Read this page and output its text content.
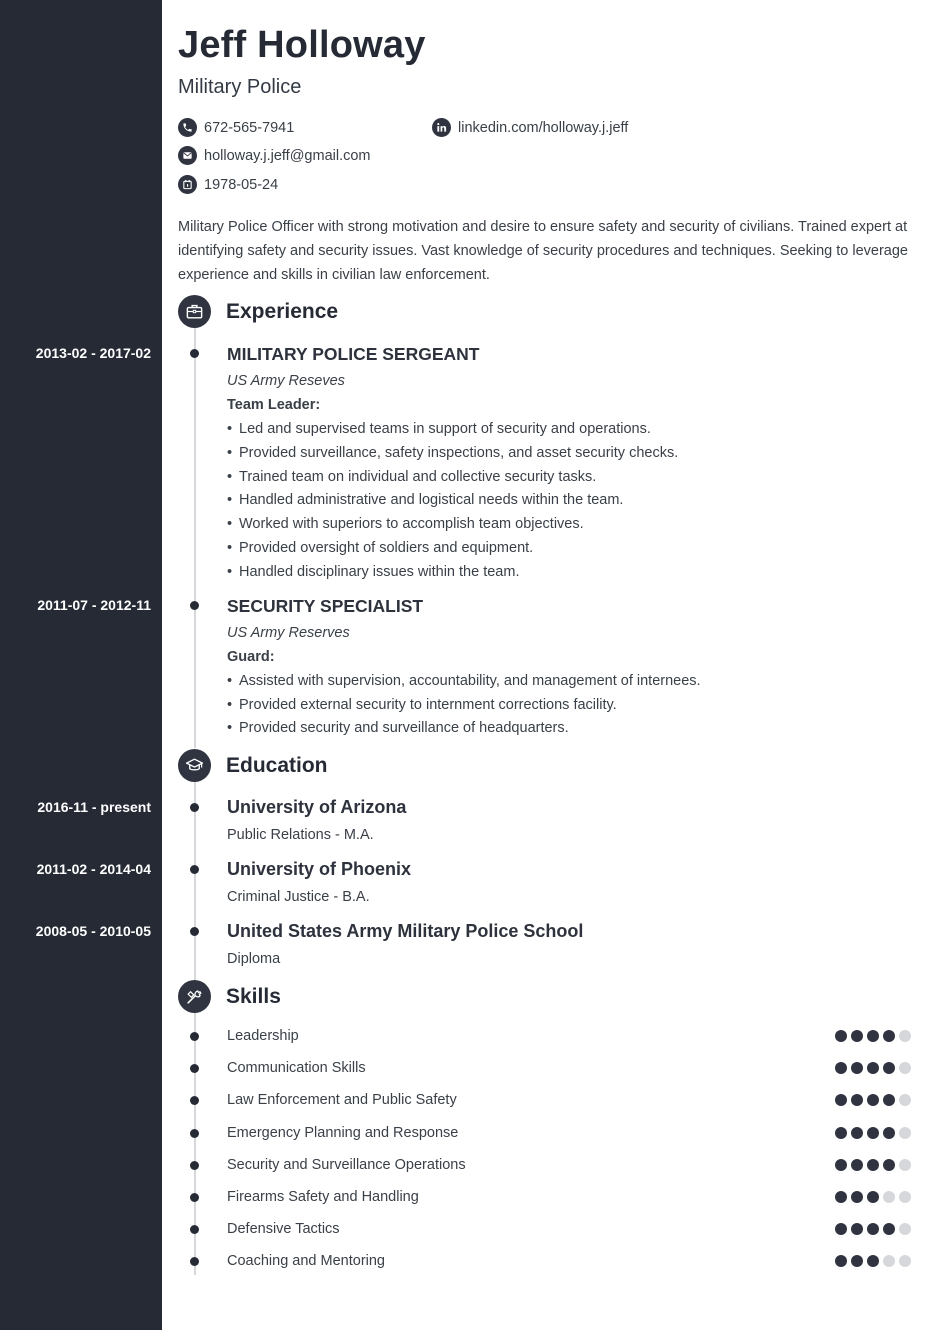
2013-02 - 2017-02
2011-07 - 2012-11
2016-11 - present
2011-02 - 2014-04
2008-05 - 2010-05
Jeff Holloway
Military Police
672-565-7941	linkedin.com/holloway.j.jeff
holloway.j.jeff@gmail.com
1978-05-24
Military Police Officer with strong motivation and desire to ensure safety and security of civilians. Trained expert at identifying safety and security issues. Vast knowledge of security procedures and techniques. Seeking to leverage experience and skills in civilian law enforcement.
Experience
MILITARY POLICE SERGEANT
US Army Reseves
Team Leader:
• Led and supervised teams in support of security and operations.
• Provided surveillance, safety inspections, and asset security checks.
• Trained team on individual and collective security tasks.
• Handled administrative and logistical needs within the team.
• Worked with superiors to accomplish team objectives.
• Provided oversight of soldiers and equipment.
• Handled disciplinary issues within the team.
SECURITY SPECIALIST
US Army Reserves
Guard:
• Assisted with supervision, accountability, and management of internees.
• Provided external security to internment corrections facility.
• Provided security and surveillance of headquarters.
Education
University of Arizona
Public Relations - M.A.
University of Phoenix
Criminal Justice - B.A.
United States Army Military Police School
Diploma
Skills
Leadership
Communication Skills
Law Enforcement and Public Safety
Emergency Planning and Response
Security and Surveillance Operations
Firearms Safety and Handling
Defensive Tactics
Coaching and Mentoring
